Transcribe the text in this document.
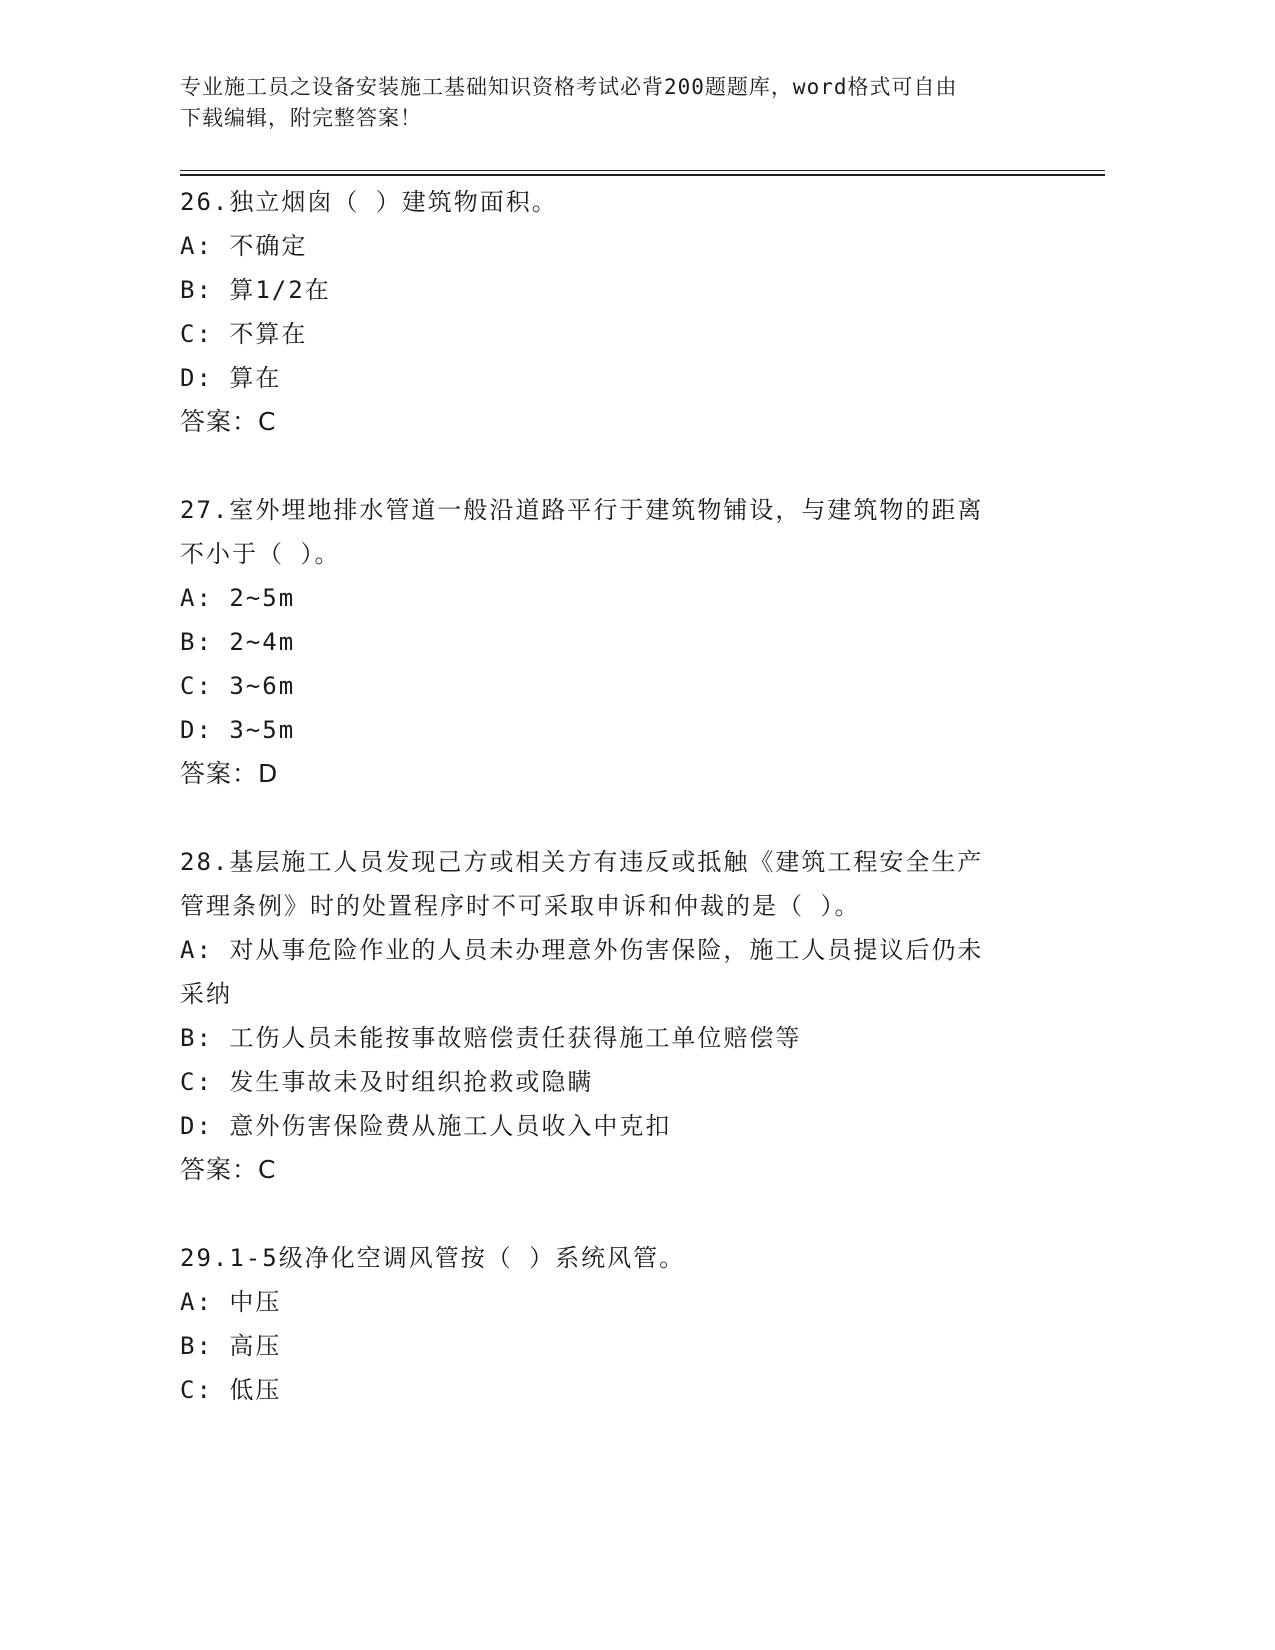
专业施工员之设备安装施工基础知识资格考试必背200题题库，word格式可自由
下载编辑，附完整答案！

26.独立烟囱（ ）建筑物面积。

A: 不确定

B: 算1/2在

C: 不算在

D: 算在

答案：C

27.室外埋地排水管道一般沿道路平行于建筑物铺设，与建筑物的距离

不小于（ ）。

A: 2~5m

B: 2~4m

C: 3~6m

D: 3~5m

答案：D

28.基层施工人员发现己方或相关方有违反或抵触《建筑工程安全生产

管理条例》时的处置程序时不可采取申诉和仲裁的是（ ）。

A: 对从事危险作业的人员未办理意外伤害保险，施工人员提议后仍未

采纳

B: 工伤人员未能按事故赔偿责任获得施工单位赔偿等

C: 发生事故未及时组织抢救或隐瞒

D: 意外伤害保险费从施工人员收入中克扣

答案：C

29.1-5级净化空调风管按（ ）系统风管。

A: 中压

B: 高压

C: 低压
